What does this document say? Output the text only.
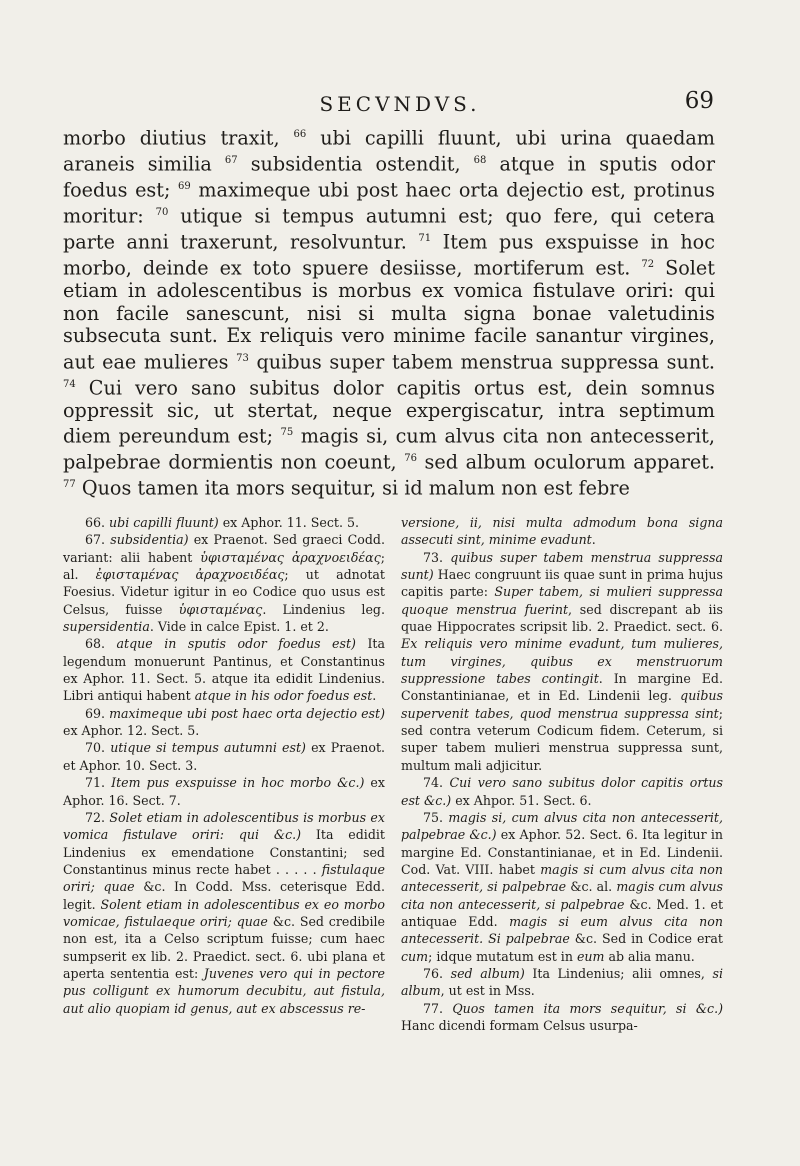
SECVNDVS.	69
morbo diutius traxit, $^{66}$ ubi capilli fluunt, ubi urina quaedam araneis similia $^{67}$ subsidentia ostendit, $^{68}$ atque in sputis odor foedus est; $^{69}$ maximeque ubi post haec orta dejectio est, protinus moritur: $^{70}$ utique si tempus autumni est; quo fere, qui cetera parte anni traxerunt, resolvuntur. $^{71}$ Item pus exspuisse in hoc morbo, deinde ex toto spuere desiisse, mortiferum est. $^{72}$ Solet etiam in adolescentibus is morbus ex vomica fistulave oriri: qui non facile sanescunt, nisi si multa signa bonae valetudinis subsecuta sunt. Ex reliquis vero minime facile sanantur virgines, aut eae mulieres $^{73}$ quibus super tabem menstrua suppressa sunt. $^{74}$ Cui vero sano subitus dolor capitis ortus est, dein somnus oppressit sic, ut stertat, neque expergiscatur, intra septimum diem pereundum est; $^{75}$ magis si, cum alvus cita non antecesserit, palpebrae dormientis non coeunt, $^{76}$ sed album oculorum apparet. $^{77}$ Quos tamen ita mors sequitur, si id malum non est febre

66. ubi capilli fluunt) ex Aphor. 11. Sect. 5.

67. subsidentia) ex Praenot. Sed graeci Codd. variant: alii habent ὑφισταμένας ἀραχνοειδέας; al. ἐφισταμένας ἀραχνοειδέας; ut adnotat Foesius. Videtur igitur in eo Codice quo usus est Celsus, fuisse ὑφισταμένας. Lindenius leg. supersidentia. Vide in calce Epist. 1. et 2.

68. atque in sputis odor foedus est) Ita legendum monuerunt Pantinus, et Constantinus ex Aphor. 11. Sect. 5. atque ita edidit Lindenius. Libri antiqui habent atque in his odor foedus est.

69. maximeque ubi post haec orta dejectio est) ex Aphor. 12. Sect. 5.

70. utique si tempus autumni est) ex Praenot. et Aphor. 10. Sect. 3.

71. Item pus exspuisse in hoc morbo &c.) ex Aphor. 16. Sect. 7.

72. Solet etiam in adolescentibus is morbus ex vomica fistulave oriri: qui &c.) Ita edidit Lindenius ex emendatione Constantini; sed Constantinus minus recte habet . . . . . fistulaque oriri; quae &c. In Codd. Mss. ceterisque Edd. legit. Solent etiam in adolescentibus ex eo morbo vomicae, fistulaeque oriri; quae &c. Sed credibile non est, ita a Celso scriptum fuisse; cum haec sumpserit ex lib. 2. Praedict. sect. 6. ubi plana et aperta sententia est: Juvenes vero qui in pectore pus colligunt ex humorum decubitu, aut fistula, aut alio quopiam id genus, aut ex abscessus re-

versione, ii, nisi multa admodum bona signa assecuti sint, minime evadunt.

73. quibus super tabem menstrua suppressa sunt) Haec congruunt iis quae sunt in prima hujus capitis parte: Super tabem, si mulieri suppressa quoque menstrua fuerint, sed discrepant ab iis quae Hippocrates scripsit lib. 2. Praedict. sect. 6. Ex reliquis vero minime evadunt, tum mulieres, tum virgines, quibus ex menstruorum suppressione tabes contingit. In margine Ed. Constantinianae, et in Ed. Lindenii leg. quibus supervenit tabes, quod menstrua suppressa sint; sed contra veterum Codicum fidem. Ceterum, si super tabem mulieri menstrua suppressa sunt, multum mali adjicitur.

74. Cui vero sano subitus dolor capitis ortus est &c.) ex Ahpor. 51. Sect. 6.

75. magis si, cum alvus cita non antecesserit, palpebrae &c.) ex Aphor. 52. Sect. 6. Ita legitur in margine Ed. Constantinianae, et in Ed. Lindenii. Cod. Vat. VIII. habet magis si cum alvus cita non antecesserit, si palpebrae &c. al. magis cum alvus cita non antecesserit, si palpebrae &c. Med. 1. et antiquae Edd. magis si eum alvus cita non antecesserit. Si palpebrae &c. Sed in Codice erat cum; idque mutatum est in eum ab alia manu.

76. sed album) Ita Lindenius; alii omnes, si album, ut est in Mss.

77. Quos tamen ita mors sequitur, si &c.) Hanc dicendi formam Celsus usurpa-
